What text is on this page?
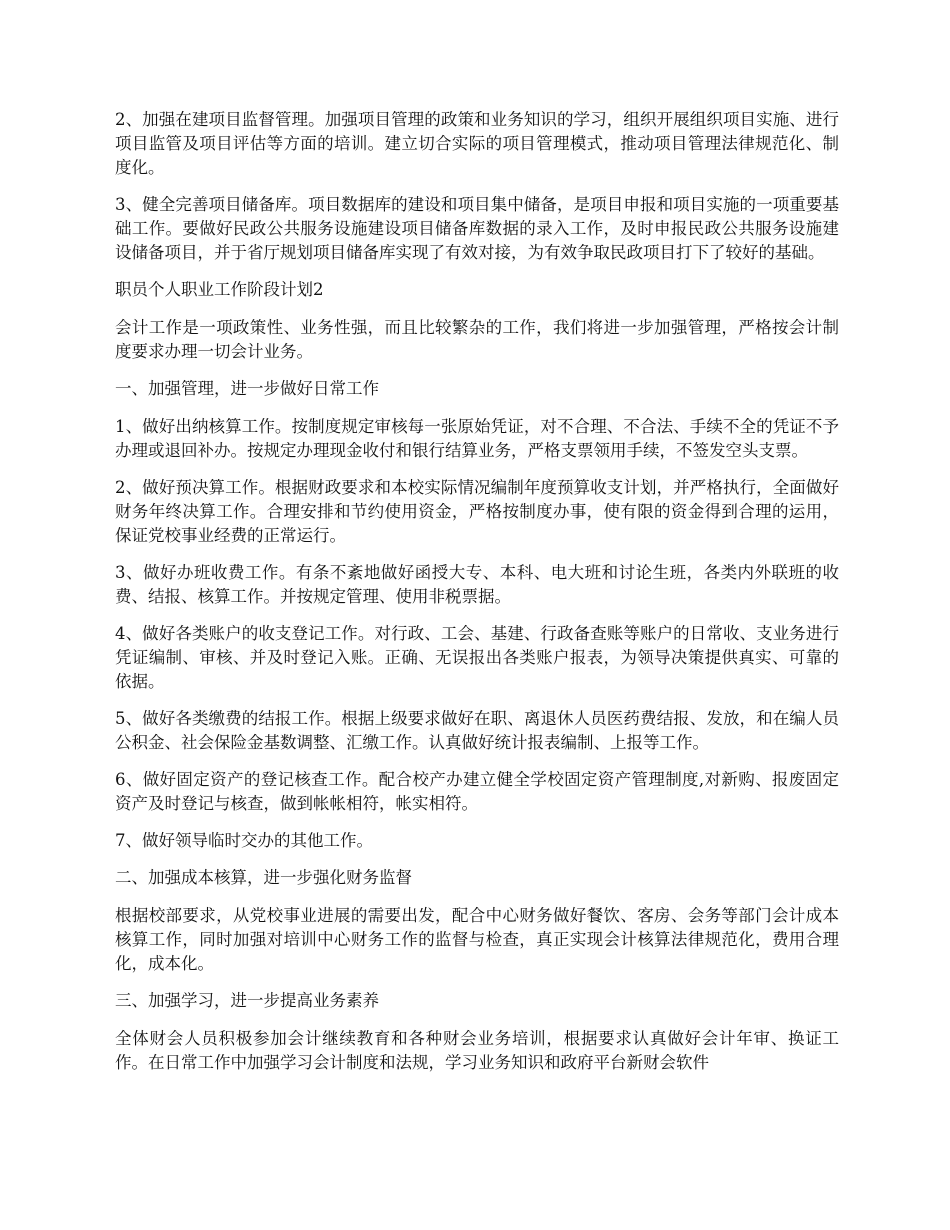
2、加强在建项目监督管理。加强项目管理的政策和业务知识的学习，组织开展组织项目实施、进行项目监管及项目评估等方面的培训。建立切合实际的项目管理模式，推动项目管理法律规范化、制度化。

3、健全完善项目储备库。项目数据库的建设和项目集中储备，是项目申报和项目实施的一项重要基础工作。要做好民政公共服务设施建设项目储备库数据的录入工作，及时申报民政公共服务设施建设储备项目，并于省厅规划项目储备库实现了有效对接，为有效争取民政项目打下了较好的基础。

职员个人职业工作阶段计划2

会计工作是一项政策性、业务性强，而且比较繁杂的工作，我们将进一步加强管理，严格按会计制度要求办理一切会计业务。

一、加强管理，进一步做好日常工作

1、做好出纳核算工作。按制度规定审核每一张原始凭证，对不合理、不合法、手续不全的凭证不予办理或退回补办。按规定办理现金收付和银行结算业务，严格支票领用手续，不签发空头支票。

2、做好预决算工作。根据财政要求和本校实际情况编制年度预算收支计划，并严格执行，全面做好财务年终决算工作。合理安排和节约使用资金，严格按制度办事，使有限的资金得到合理的运用，保证党校事业经费的正常运行。

3、做好办班收费工作。有条不紊地做好函授大专、本科、电大班和讨论生班，各类内外联班的收费、结报、核算工作。并按规定管理、使用非税票据。

4、做好各类账户的收支登记工作。对行政、工会、基建、行政备查账等账户的日常收、支业务进行凭证编制、审核、并及时登记入账。正确、无误报出各类账户报表，为领导决策提供真实、可靠的依据。

5、做好各类缴费的结报工作。根据上级要求做好在职、离退休人员医药费结报、发放，和在编人员公积金、社会保险金基数调整、汇缴工作。认真做好统计报表编制、上报等工作。

6、做好固定资产的登记核查工作。配合校产办建立健全学校固定资产管理制度,对新购、报废固定资产及时登记与核查，做到帐帐相符，帐实相符。

7、做好领导临时交办的其他工作。

二、加强成本核算，进一步强化财务监督

根据校部要求，从党校事业进展的需要出发，配合中心财务做好餐饮、客房、会务等部门会计成本核算工作，同时加强对培训中心财务工作的监督与检查，真正实现会计核算法律规范化，费用合理化，成本化。

三、加强学习，进一步提高业务素养

全体财会人员积极参加会计继续教育和各种财会业务培训，根据要求认真做好会计年审、换证工作。在日常工作中加强学习会计制度和法规，学习业务知识和政府平台新财会软件
